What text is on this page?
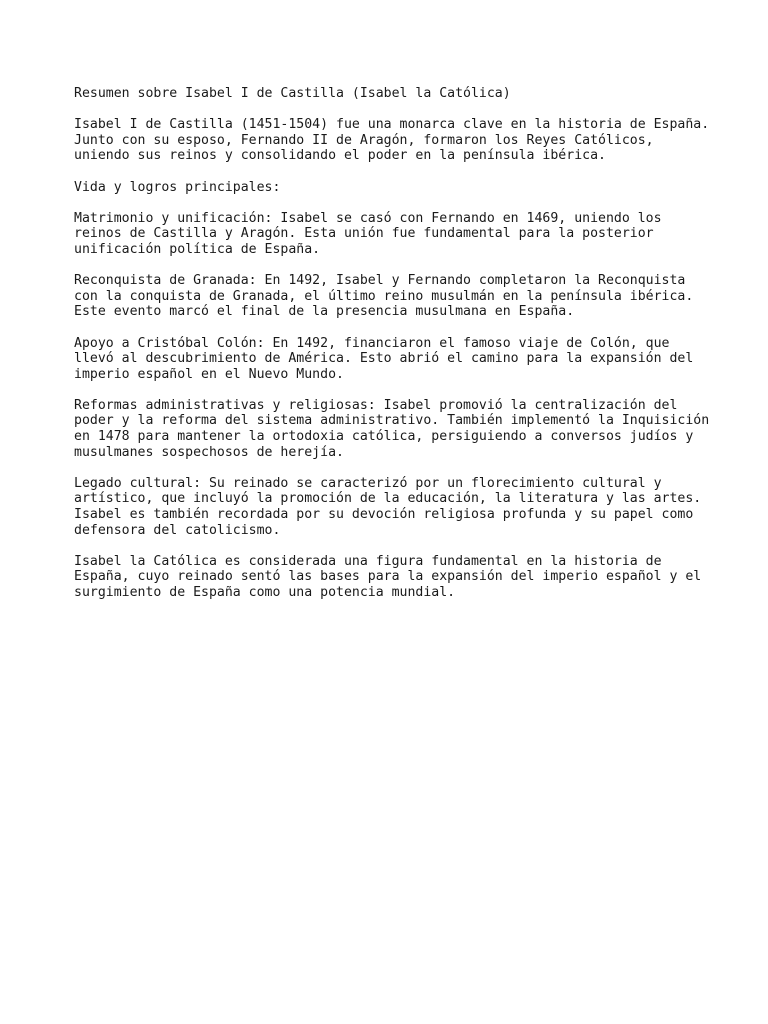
Resumen sobre Isabel I de Castilla (Isabel la Católica)

Isabel I de Castilla (1451-1504) fue una monarca clave en la historia de España.
Junto con su esposo, Fernando II de Aragón, formaron los Reyes Católicos,
uniendo sus reinos y consolidando el poder en la península ibérica.

Vida y logros principales:

Matrimonio y unificación: Isabel se casó con Fernando en 1469, uniendo los
reinos de Castilla y Aragón. Esta unión fue fundamental para la posterior
unificación política de España.

Reconquista de Granada: En 1492, Isabel y Fernando completaron la Reconquista
con la conquista de Granada, el último reino musulmán en la península ibérica.
Este evento marcó el final de la presencia musulmana en España.

Apoyo a Cristóbal Colón: En 1492, financiaron el famoso viaje de Colón, que
llevó al descubrimiento de América. Esto abrió el camino para la expansión del
imperio español en el Nuevo Mundo.

Reformas administrativas y religiosas: Isabel promovió la centralización del
poder y la reforma del sistema administrativo. También implementó la Inquisición
en 1478 para mantener la ortodoxia católica, persiguiendo a conversos judíos y
musulmanes sospechosos de herejía.

Legado cultural: Su reinado se caracterizó por un florecimiento cultural y
artístico, que incluyó la promoción de la educación, la literatura y las artes.
Isabel es también recordada por su devoción religiosa profunda y su papel como
defensora del catolicismo.

Isabel la Católica es considerada una figura fundamental en la historia de
España, cuyo reinado sentó las bases para la expansión del imperio español y el
surgimiento de España como una potencia mundial.
